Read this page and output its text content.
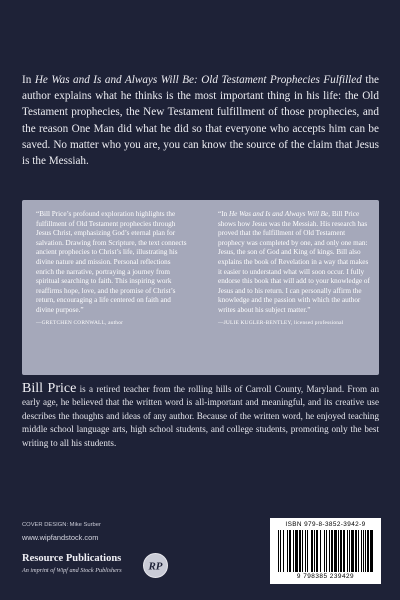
In He Was and Is and Always Will Be: Old Testament Prophecies Fulfilled the author explains what he thinks is the most important thing in his life: the Old Testament prophecies, the New Testament fulfillment of those prophecies, and the reason One Man did what he did so that everyone who accepts him can be saved. No matter who you are, you can know the source of the claim that Jesus is the Messiah.

“Bill Price’s profound exploration highlights the fulfillment of Old Testament prophecies through Jesus Christ, emphasizing God’s eternal plan for salvation. Drawing from Scripture, the text connects ancient prophecies to Christ’s life, illustrating his divine nature and mission. Personal reflections enrich the narrative, portraying a journey from spiritual searching to faith. This inspiring work reaffirms hope, love, and the promise of Christ’s return, encouraging a life centered on faith and divine purpose.”

—GRETCHEN CORNWALL, author

“In He Was and Is and Always Will Be, Bill Price shows how Jesus was the Messiah. His research has proved that the fulfillment of Old Testament prophecy was completed by one, and only one man: Jesus, the son of God and King of kings. Bill also explains the book of Revelation in a way that makes it easier to understand what will soon occur. I fully endorse this book that will add to your knowledge of Jesus and to his return. I can personally affirm the knowledge and the passion with which the author writes about his subject matter.”

—JULIE KUGLER-BENTLEY, licensed professional

Bill Price is a retired teacher from the rolling hills of Carroll County, Maryland. From an early age, he believed that the written word is all-important and meaningful, and its creative use describes the thoughts and ideas of any author. Because of the written word, he enjoyed teaching middle school language arts, high school students, and college students, promoting only the best writing to all his students.

COVER DESIGN: Mike Surber
www.wipfandstock.com
Resource Publications
An imprint of Wipf and Stock Publishers RP
ISBN 979-8-3852-3942-9
9 798385 239429
